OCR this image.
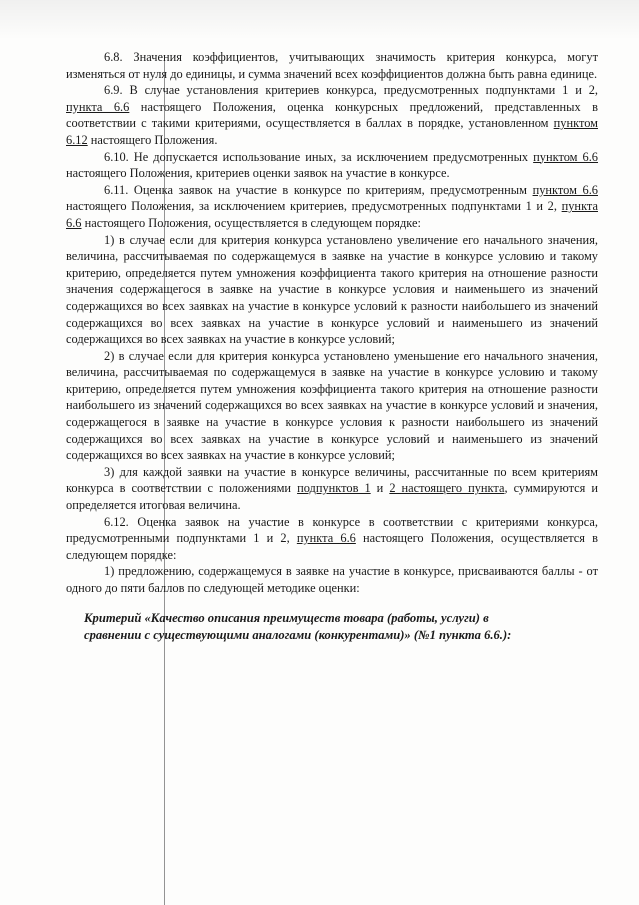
6.8. Значения коэффициентов, учитывающих значимость критерия конкурса, могут изменяться от нуля до единицы, и сумма значений всех коэффициентов должна быть равна единице.

6.9. В случае установления критериев конкурса, предусмотренных подпунктами 1 и 2, пункта 6.6 настоящего Положения, оценка конкурсных предложений, представленных в соответствии с такими критериями, осуществляется в баллах в порядке, установленном пунктом 6.12 настоящего Положения.

6.10. Не допускается использование иных, за исключением предусмотренных пунктом 6.6 настоящего Положения, критериев оценки заявок на участие в конкурсе.

6.11. Оценка заявок на участие в конкурсе по критериям, предусмотренным пунктом 6.6 настоящего Положения, за исключением критериев, предусмотренных подпунктами 1 и 2, пункта 6.6 настоящего Положения, осуществляется в следующем порядке:

1) в случае если для критерия конкурса установлено увеличение его начального значения, величина, рассчитываемая по содержащемуся в заявке на участие в конкурсе условию и такому критерию, определяется путем умножения коэффициента такого критерия на отношение разности значения содержащегося в заявке на участие в конкурсе условия и наименьшего из значений содержащихся во всех заявках на участие в конкурсе условий к разности наибольшего из значений содержащихся во всех заявках на участие в конкурсе условий и наименьшего из значений содержащихся во всех заявках на участие в конкурсе условий;

2) в случае если для критерия конкурса установлено уменьшение его начального значения, величина, рассчитываемая по содержащемуся в заявке на участие в конкурсе условию и такому критерию, определяется путем умножения коэффициента такого критерия на отношение разности наибольшего из значений содержащихся во всех заявках на участие в конкурсе условий и значения, содержащегося в заявке на участие в конкурсе условия к разности наибольшего из значений содержащихся во всех заявках на участие в конкурсе условий и наименьшего из значений содержащихся во всех заявках на участие в конкурсе условий;

3) для каждой заявки на участие в конкурсе величины, рассчитанные по всем критериям конкурса в соответствии с положениями подпунктов 1 и 2 настоящего пункта, суммируются и определяется итоговая величина.

6.12. Оценка заявок на участие в конкурсе в соответствии с критериями конкурса, предусмотренными подпунктами 1 и 2, пункта 6.6 настоящего Положения, осуществляется в следующем порядке:

1) предложению, содержащемуся в заявке на участие в конкурсе, присваиваются баллы - от одного до пяти баллов по следующей методике оценки:

Критерий «Качество описания преимуществ товара (работы, услуги) в

сравнении с существующими аналогами (конкурентами)» (№1 пункта 6.6.):
